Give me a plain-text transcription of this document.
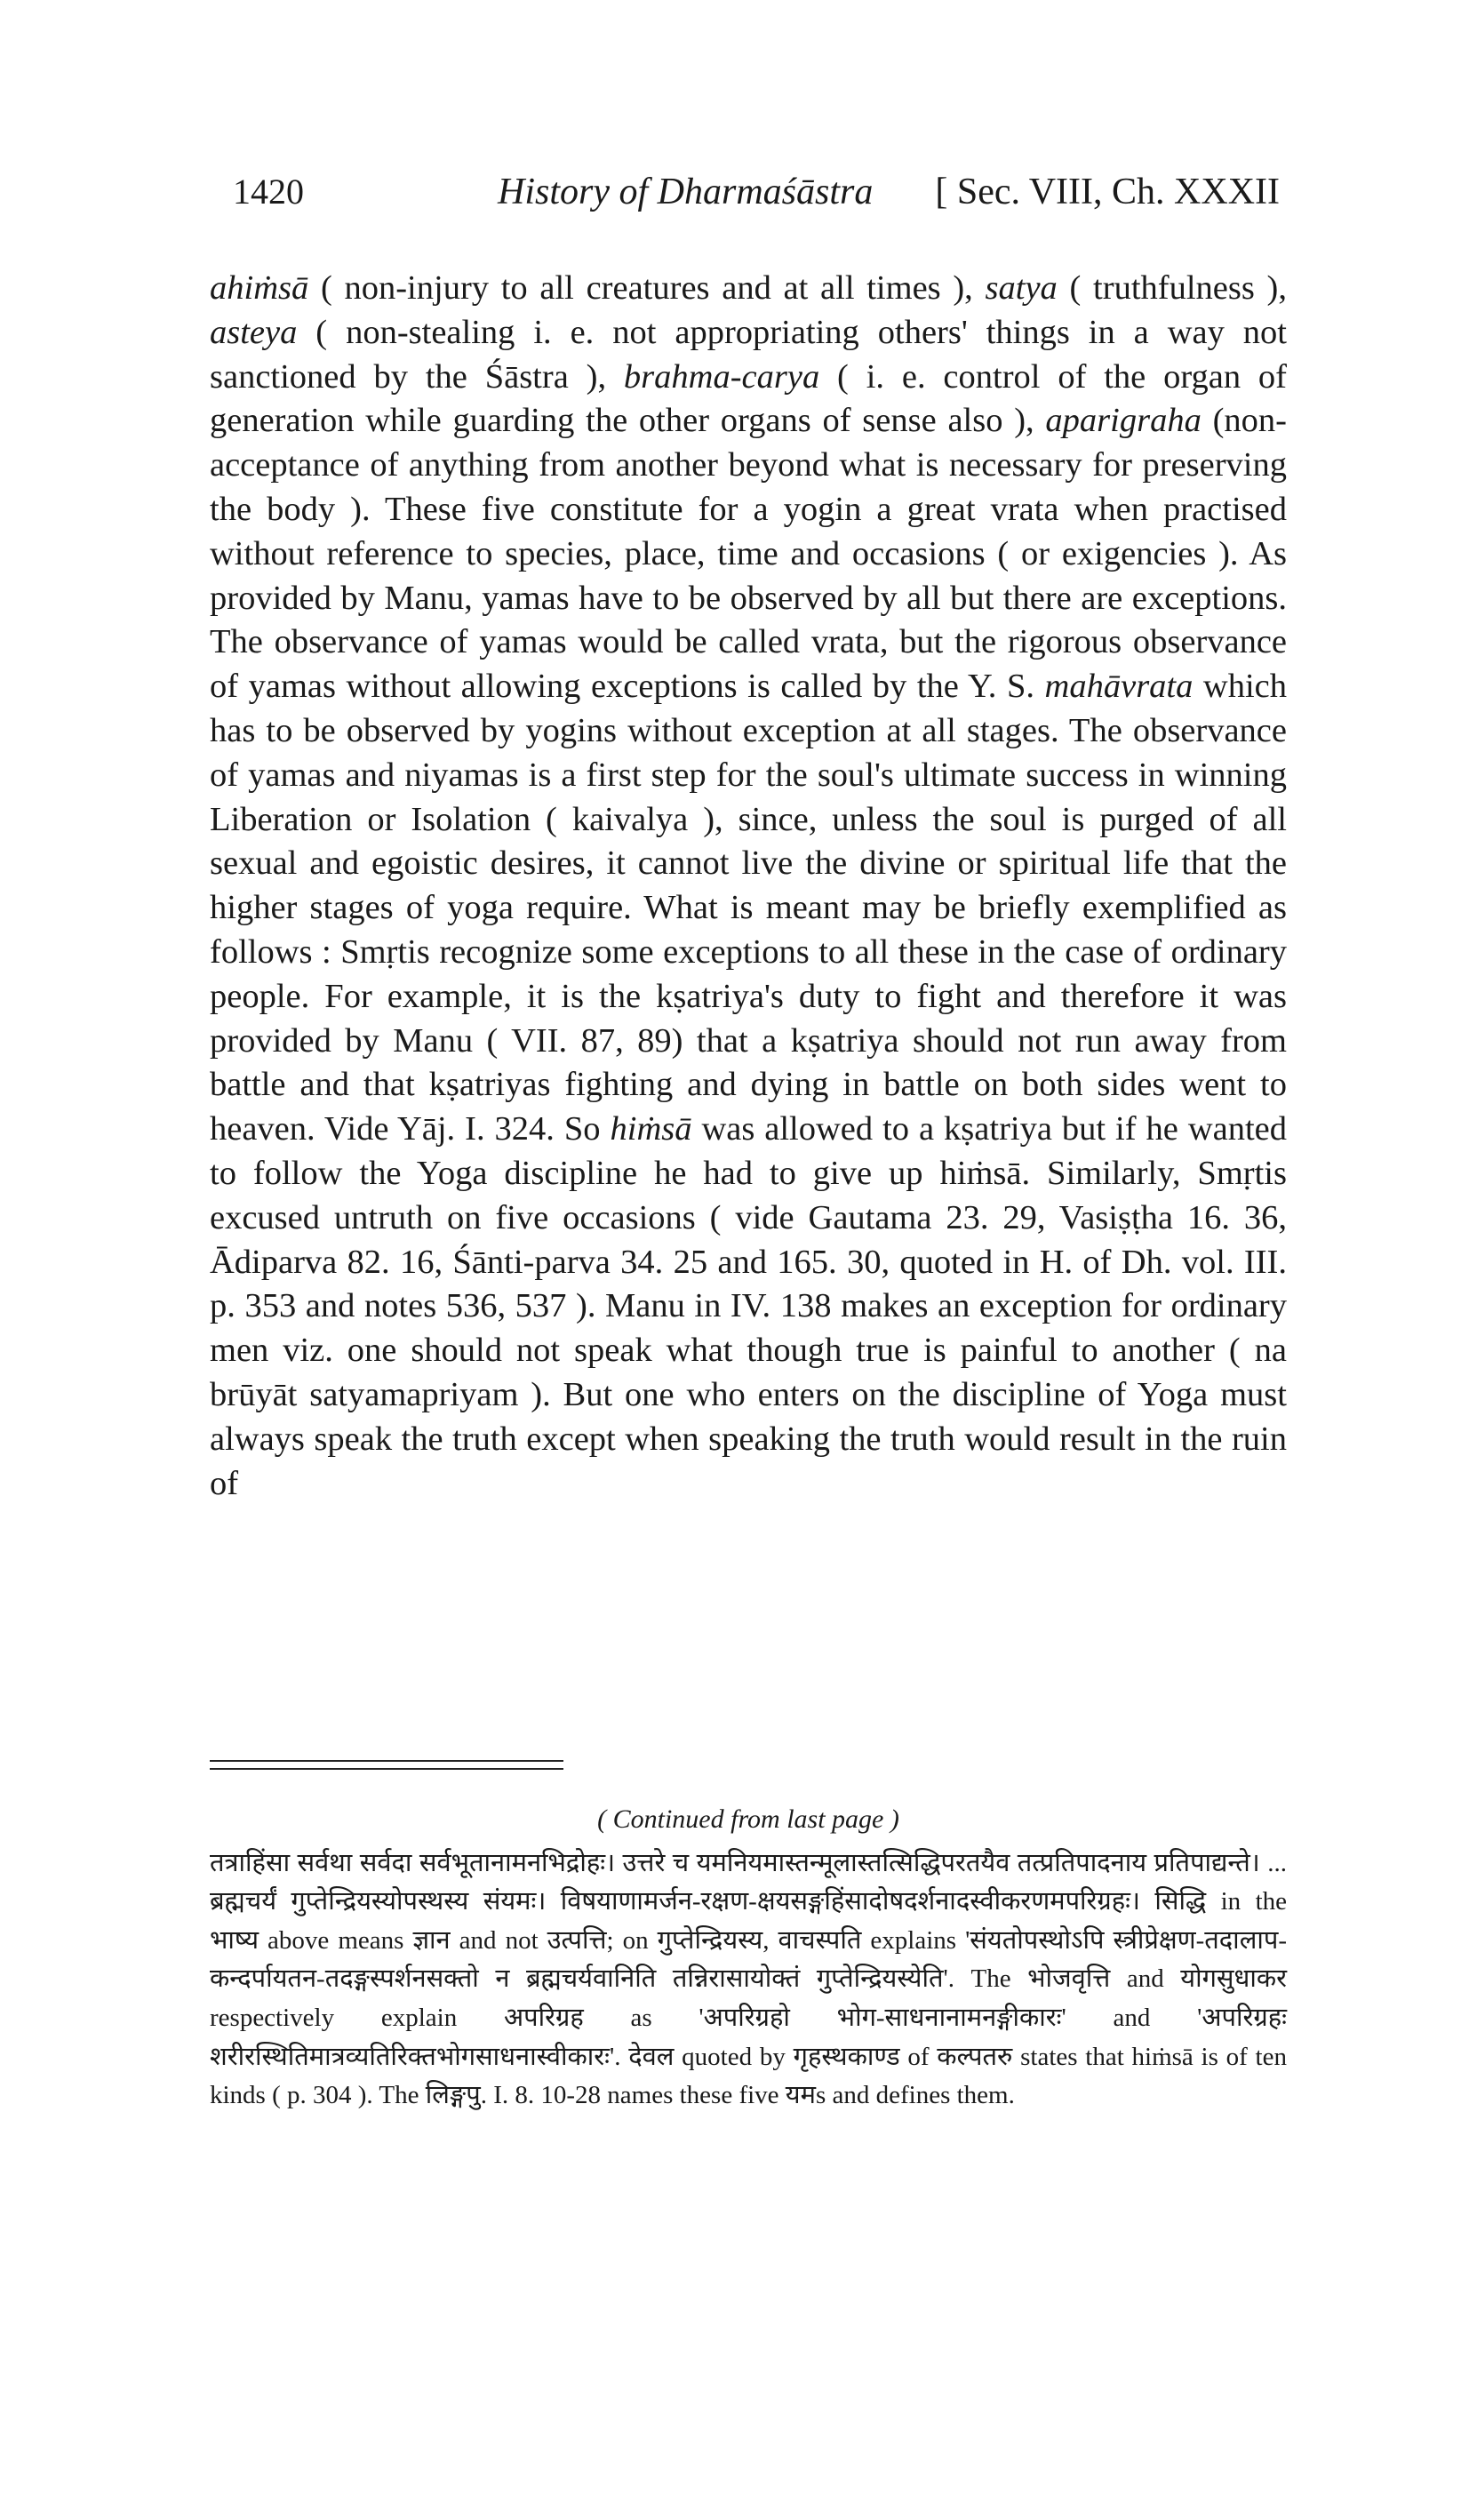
1420	History of Dharmaśāstra [ Sec. VIII, Ch. XXXII

ahiṁsā ( non-injury to all creatures and at all times ), satya ( truthfulness ), asteya ( non-stealing i. e. not appropriating others' things in a way not sanctioned by the Śāstra ), brahma-carya ( i. e. control of the organ of generation while guarding the other organs of sense also ), aparigraha (non-acceptance of anything from another beyond what is necessary for preserving the body ). These five constitute for a yogin a great vrata when practised without reference to species, place, time and occasions ( or exigencies ). As provided by Manu, yamas have to be observed by all but there are exceptions. The observance of yamas would be called vrata, but the rigorous observance of yamas without allowing exceptions is called by the Y. S. mahāvrata which has to be observed by yogins without exception at all stages. The observance of yamas and niyamas is a first step for the soul's ultimate success in winning Liberation or Isolation ( kaivalya ), since, unless the soul is purged of all sexual and egoistic desires, it cannot live the divine or spiritual life that the higher stages of yoga require. What is meant may be briefly exemplified as follows : Smṛtis recognize some exceptions to all these in the case of ordinary people. For example, it is the kṣatriya's duty to fight and therefore it was provided by Manu ( VII. 87, 89) that a kṣatriya should not run away from battle and that kṣatriyas fighting and dying in battle on both sides went to heaven. Vide Yāj. I. 324. So hiṁsā was allowed to a kṣatriya but if he wanted to follow the Yoga discipline he had to give up hiṁsā. Similarly, Smṛtis excused untruth on five occasions ( vide Gautama 23. 29, Vasiṣṭha 16. 36, Ādiparva 82. 16, Śānti-parva 34. 25 and 165. 30, quoted in H. of Dh. vol. III. p. 353 and notes 536, 537 ). Manu in IV. 138 makes an exception for ordinary men viz. one should not speak what though true is painful to another ( na brūyāt satyamapriyam ). But one who enters on the discipline of Yoga must always speak the truth except when speaking the truth would result in the ruin of

( Continued from last page )
तत्राहिंसा सर्वथा सर्वदा सर्वभूतानामनभिद्रोहः। उत्तरे च यमनियमास्तन्मूलास्तत्सिद्धिपरतयैव तत्प्रतिपादनाय प्रतिपाद्यन्ते। ... ब्रह्मचर्यं गुप्तेन्द्रियस्योपस्थस्य संयमः। विषयाणामर्जन-रक्षण-क्षयसङ्गहिंसादोषदर्शनादस्वीकरणमपरिग्रहः। सिद्धि in the भाष्य above means ज्ञान and not उत्पत्ति; on गुप्तेन्द्रियस्य, वाचस्पति explains 'संयतोपस्थोऽपि स्त्रीप्रेक्षण-तदालाप-कन्दर्पायतन-तदङ्गस्पर्शनसक्तो न ब्रह्मचर्यवानिति तन्निरासायोक्तं गुप्तेन्द्रियस्येति'. The भोजवृत्ति and योगसुधाकर respectively explain अपरिग्रह as 'अपरिग्रहो भोग-साधनानामनङ्गीकारः' and 'अपरिग्रहः शरीरस्थितिमात्रव्यतिरिक्तभोगसाधनास्वीकारः'. देवल quoted by गृहस्थकाण्ड of कल्पतरु states that hiṁsā is of ten kinds ( p. 304 ). The लिङ्गपु. I. 8. 10-28 names these five यमs and defines them.
